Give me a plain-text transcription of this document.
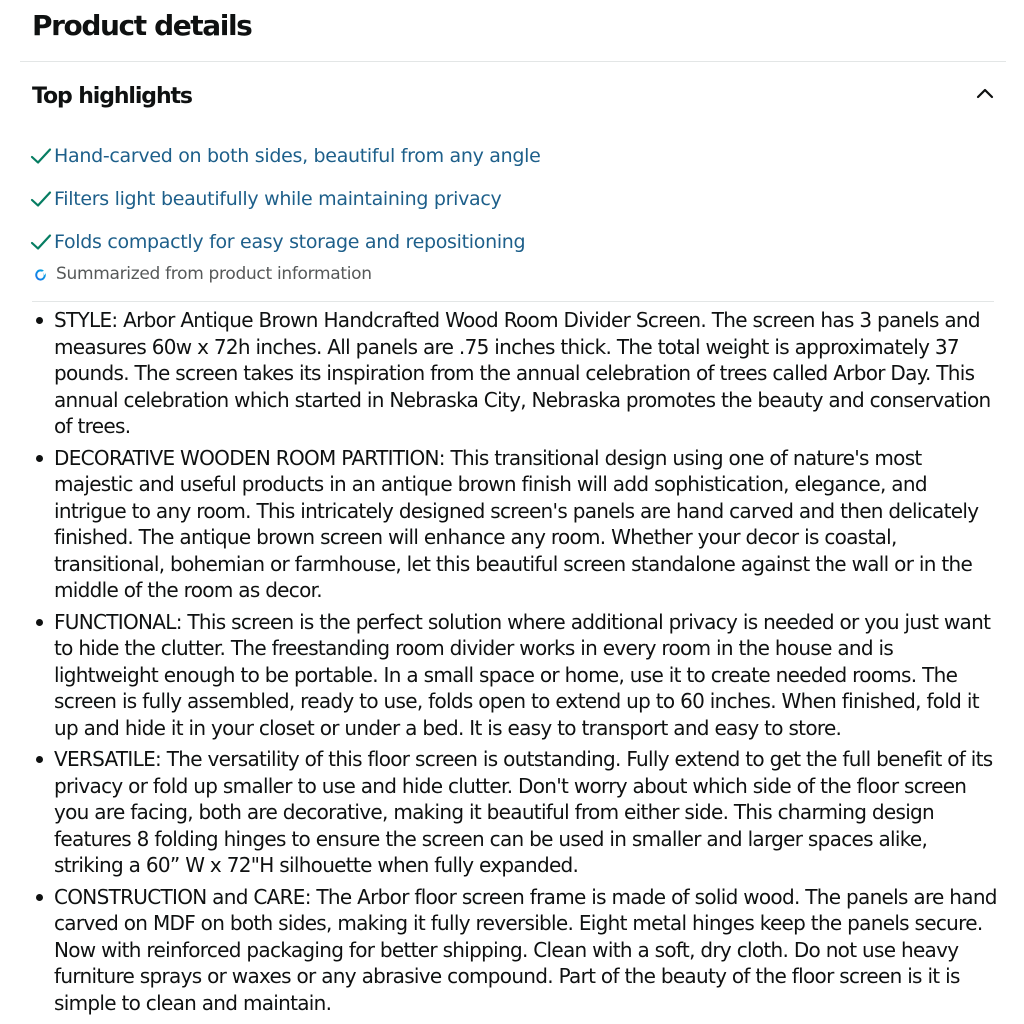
Product details
Top highlights
Hand-carved on both sides, beautiful from any angle
Filters light beautifully while maintaining privacy
Folds compactly for easy storage and repositioning
Summarized from product information
STYLE: Arbor Antique Brown Handcrafted Wood Room Divider Screen. The screen has 3 panels and measures 60w x 72h inches. All panels are .75 inches thick. The total weight is approximately 37 pounds. The screen takes its inspiration from the annual celebration of trees called Arbor Day. This annual celebration which started in Nebraska City, Nebraska promotes the beauty and conservation of trees.
DECORATIVE WOODEN ROOM PARTITION: This transitional design using one of nature's most majestic and useful products in an antique brown finish will add sophistication, elegance, and intrigue to any room. This intricately designed screen's panels are hand carved and then delicately finished. The antique brown screen will enhance any room. Whether your decor is coastal, transitional, bohemian or farmhouse, let this beautiful screen standalone against the wall or in the middle of the room as decor.
FUNCTIONAL: This screen is the perfect solution where additional privacy is needed or you just want to hide the clutter. The freestanding room divider works in every room in the house and is lightweight enough to be portable. In a small space or home, use it to create needed rooms. The screen is fully assembled, ready to use, folds open to extend up to 60 inches. When finished, fold it up and hide it in your closet or under a bed. It is easy to transport and easy to store.
VERSATILE: The versatility of this floor screen is outstanding. Fully extend to get the full benefit of its privacy or fold up smaller to use and hide clutter. Don't worry about which side of the floor screen you are facing, both are decorative, making it beautiful from either side. This charming design features 8 folding hinges to ensure the screen can be used in smaller and larger spaces alike, striking a 60” W x 72"H silhouette when fully expanded.
CONSTRUCTION and CARE: The Arbor floor screen frame is made of solid wood. The panels are hand carved on MDF on both sides, making it fully reversible. Eight metal hinges keep the panels secure. Now with reinforced packaging for better shipping. Clean with a soft, dry cloth. Do not use heavy furniture sprays or waxes or any abrasive compound. Part of the beauty of the floor screen is it is simple to clean and maintain.
